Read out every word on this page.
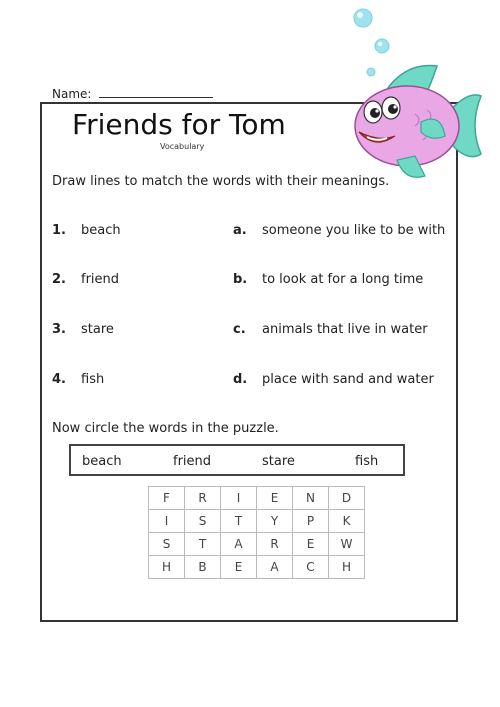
Name:
Friends for Tom
Vocabulary
Draw lines to match the words with their meanings.
1. beach
2. friend
3. stare
4. fish
a. someone you like to be with
b. to look at for a long time
c. animals that live in water
d. place with sand and water
Now circle the words in the puzzle.
beach	friend	stare	fish
F	R	I	E	N	D
I	S	T	Y	P	K
S	T	A	R	E	W
H	B	E	A	C	H
